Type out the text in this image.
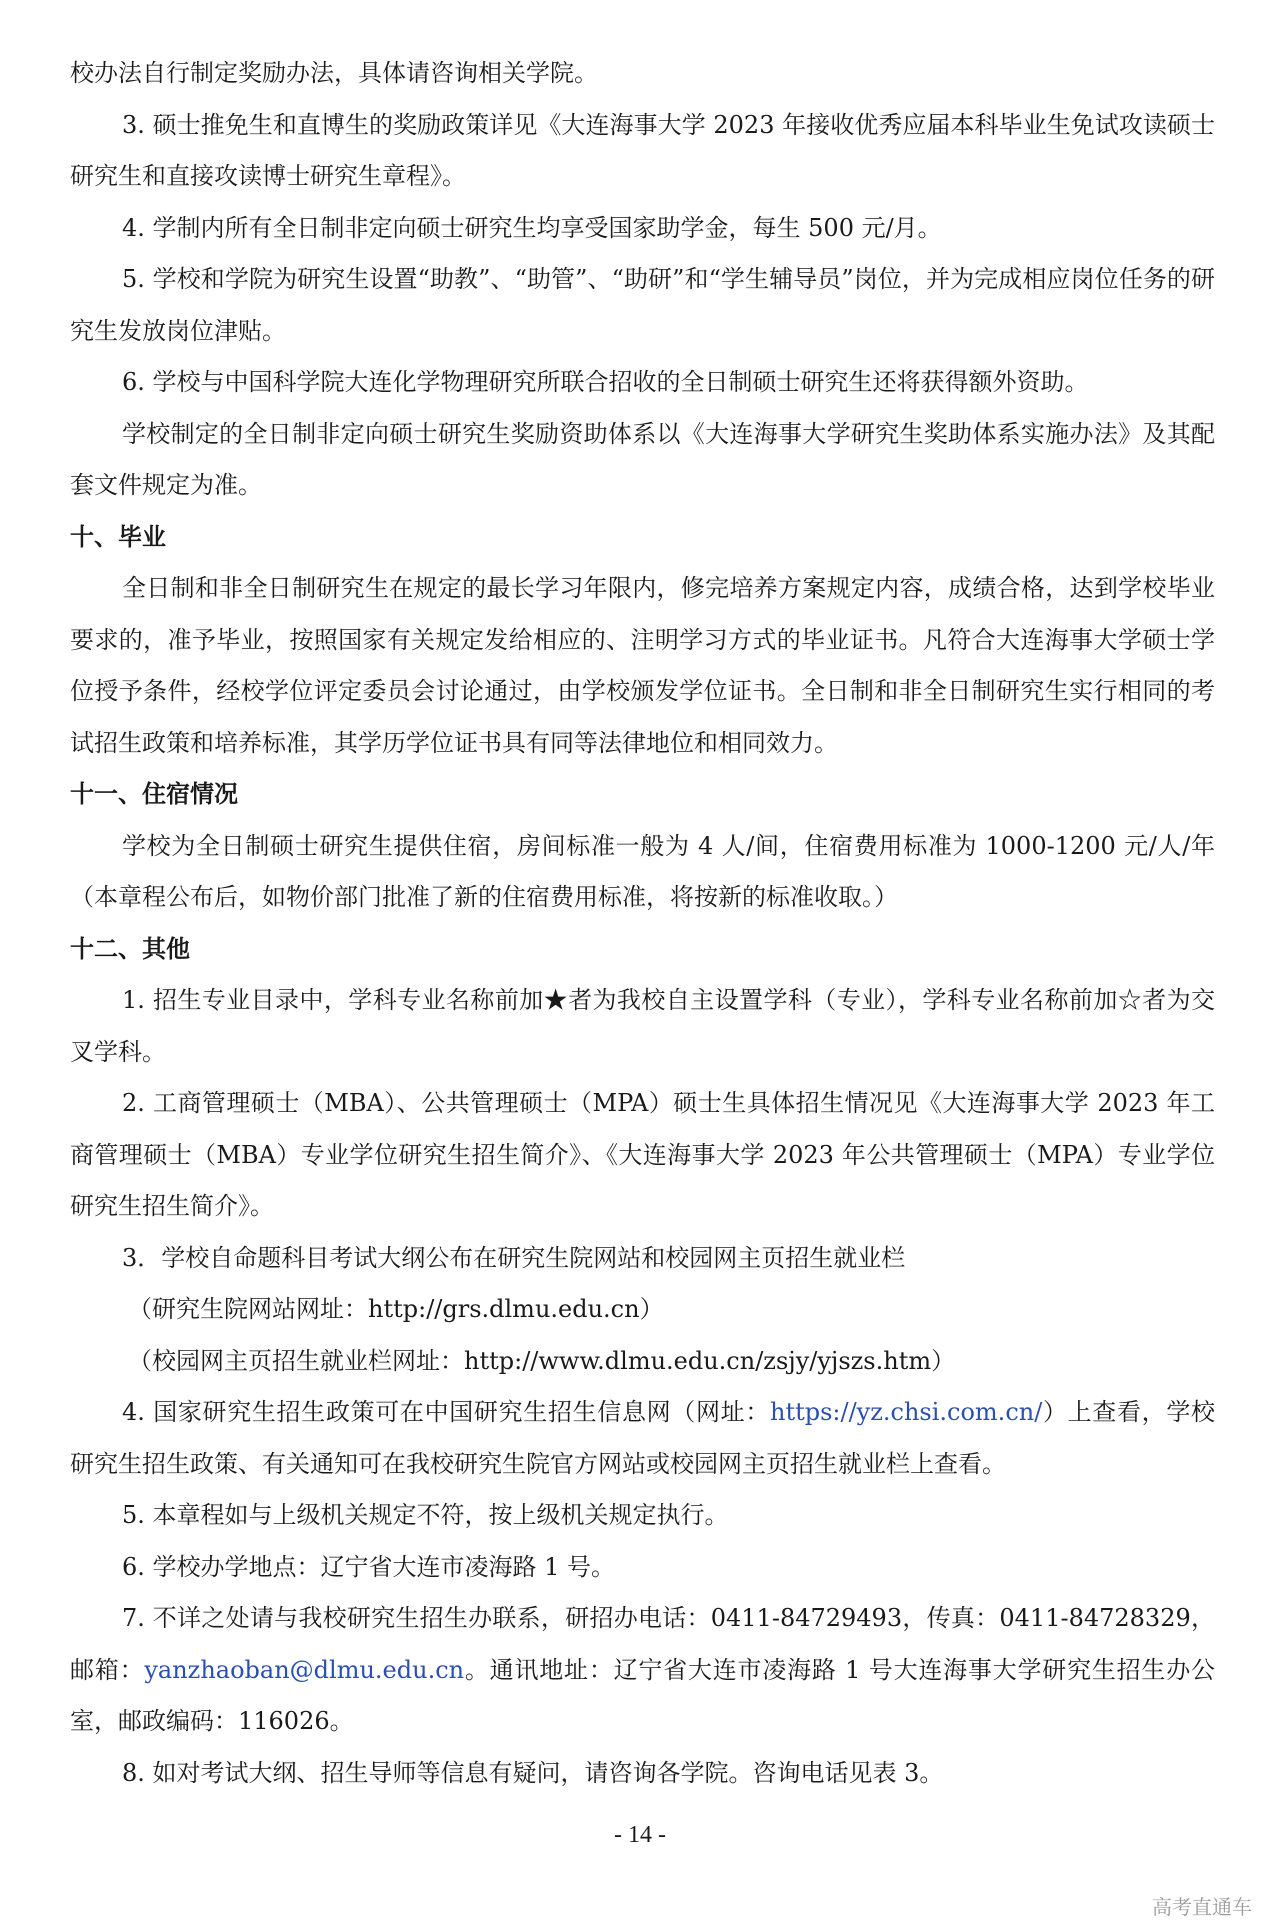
校办法自行制定奖励办法，具体请咨询相关学院。

3. 硕士推免生和直博生的奖励政策详见《大连海事大学 2023 年接收优秀应届本科毕业生免试攻读硕士研究生和直接攻读博士研究生章程》。

4. 学制内所有全日制非定向硕士研究生均享受国家助学金，每生 500 元/月。

5. 学校和学院为研究生设置“助教”、“助管”、“助研”和“学生辅导员”岗位，并为完成相应岗位任务的研究生发放岗位津贴。

6. 学校与中国科学院大连化学物理研究所联合招收的全日制硕士研究生还将获得额外资助。

学校制定的全日制非定向硕士研究生奖励资助体系以《大连海事大学研究生奖助体系实施办法》及其配套文件规定为准。

十、毕业

全日制和非全日制研究生在规定的最长学习年限内，修完培养方案规定内容，成绩合格，达到学校毕业要求的，准予毕业，按照国家有关规定发给相应的、注明学习方式的毕业证书。凡符合大连海事大学硕士学位授予条件，经校学位评定委员会讨论通过，由学校颁发学位证书。全日制和非全日制研究生实行相同的考试招生政策和培养标准，其学历学位证书具有同等法律地位和相同效力。

十一、住宿情况

学校为全日制硕士研究生提供住宿，房间标准一般为 4 人/间，住宿费用标准为 1000-1200 元/人/年（本章程公布后，如物价部门批准了新的住宿费用标准，将按新的标准收取。）

十二、其他

1. 招生专业目录中，学科专业名称前加★者为我校自主设置学科（专业），学科专业名称前加☆者为交叉学科。

2. 工商管理硕士（MBA）、公共管理硕士（MPA）硕士生具体招生情况见《大连海事大学 2023 年工商管理硕士（MBA）专业学位研究生招生简介》、《大连海事大学 2023 年公共管理硕士（MPA）专业学位研究生招生简介》。

3．学校自命题科目考试大纲公布在研究生院网站和校园网主页招生就业栏

（研究生院网站网址：http://grs.dlmu.edu.cn）

（校园网主页招生就业栏网址：http://www.dlmu.edu.cn/zsjy/yjszs.htm）

4. 国家研究生招生政策可在中国研究生招生信息网（网址：https://yz.chsi.com.cn/）上查看，学校研究生招生政策、有关通知可在我校研究生院官方网站或校园网主页招生就业栏上查看。

5. 本章程如与上级机关规定不符，按上级机关规定执行。

6. 学校办学地点：辽宁省大连市凌海路 1 号。

7. 不详之处请与我校研究生招生办联系，研招办电话：0411-84729493，传真：0411-84728329，邮箱：yanzhaoban@dlmu.edu.cn。通讯地址：辽宁省大连市凌海路 1 号大连海事大学研究生招生办公室，邮政编码：116026。

8. 如对考试大纲、招生导师等信息有疑问，请咨询各学院。咨询电话见表 3。

- 14 -
高考直通车
